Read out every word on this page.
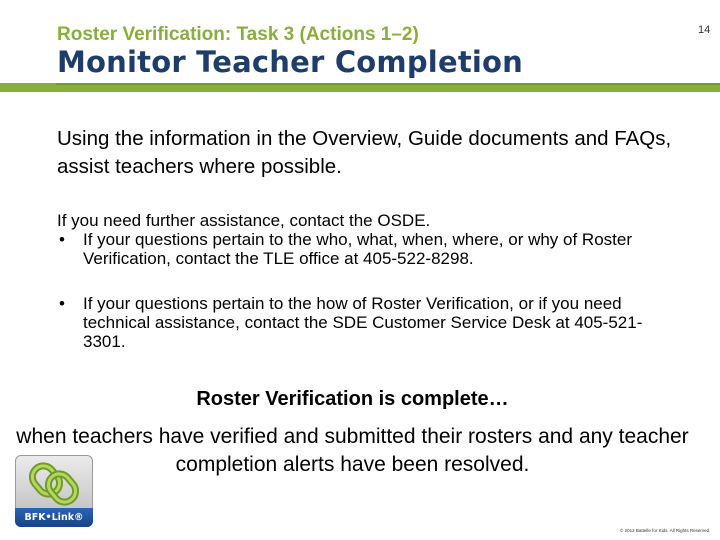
Roster Verification: Task 3 (Actions 1–2)	14
Monitor Teacher Completion
Using the information in the Overview, Guide documents and FAQs, assist teachers where possible.
If you need further assistance, contact the OSDE.
• If your questions pertain to the who, what, when, where, or why of Roster Verification, contact the TLE office at 405-522-8298.
• If your questions pertain to the how of Roster Verification, or if you need technical assistance, contact the SDE Customer Service Desk at 405-521-3301.
Roster Verification is complete…
when teachers have verified and submitted their rosters and any teacher completion alerts have been resolved.
BFK•Link®
© 2012 Battelle for Kids. All Rights Reserved.
